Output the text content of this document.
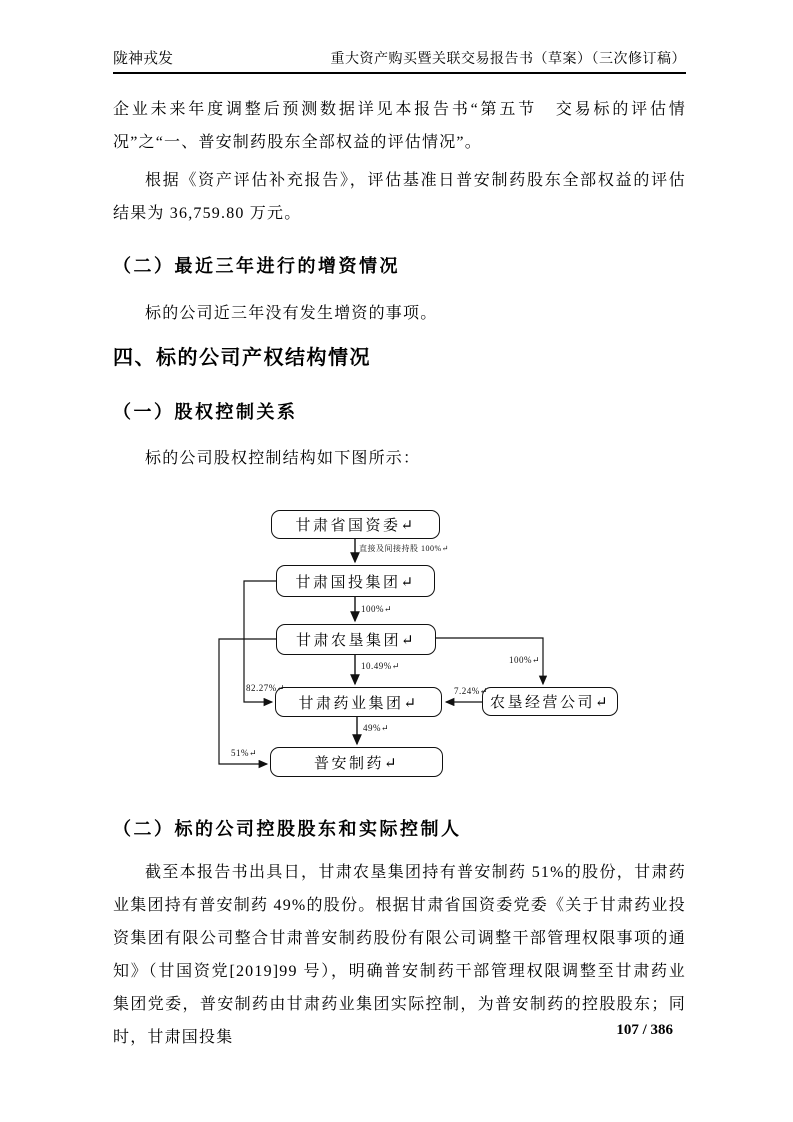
陇神戎发	重大资产购买暨关联交易报告书（草案）（三次修订稿）

企业未来年度调整后预测数据详见本报告书“第五节　交易标的评估情况”之“一、普安制药股东全部权益的评估情况”。

根据《资产评估补充报告》，评估基准日普安制药股东全部权益的评估结果为 36,759.80 万元。

（二）最近三年进行的增资情况

标的公司近三年没有发生增资的事项。

四、标的公司产权结构情况
（一）股权控制关系

标的公司股权控制结构如下图所示：

甘肃省国资委↵
甘肃国投集团↵
甘肃农垦集团↵
甘肃药业集团↵	农垦经营公司↵
普安制药↵
直接及间接持股 100%↵
100%↵
10.49%↵
100%↵
7.24%↵
82.27%↵
49%↵
51%↵
（二）标的公司控股股东和实际控制人

截至本报告书出具日，甘肃农垦集团持有普安制药 51%的股份，甘肃药业集团持有普安制药 49%的股份。根据甘肃省国资委党委《关于甘肃药业投资集团有限公司整合甘肃普安制药股份有限公司调整干部管理权限事项的通知》（甘国资党[2019]99 号），明确普安制药干部管理权限调整至甘肃药业集团党委，普安制药由甘肃药业集团实际控制，为普安制药的控股股东；同时，甘肃国投集	107 / 386
